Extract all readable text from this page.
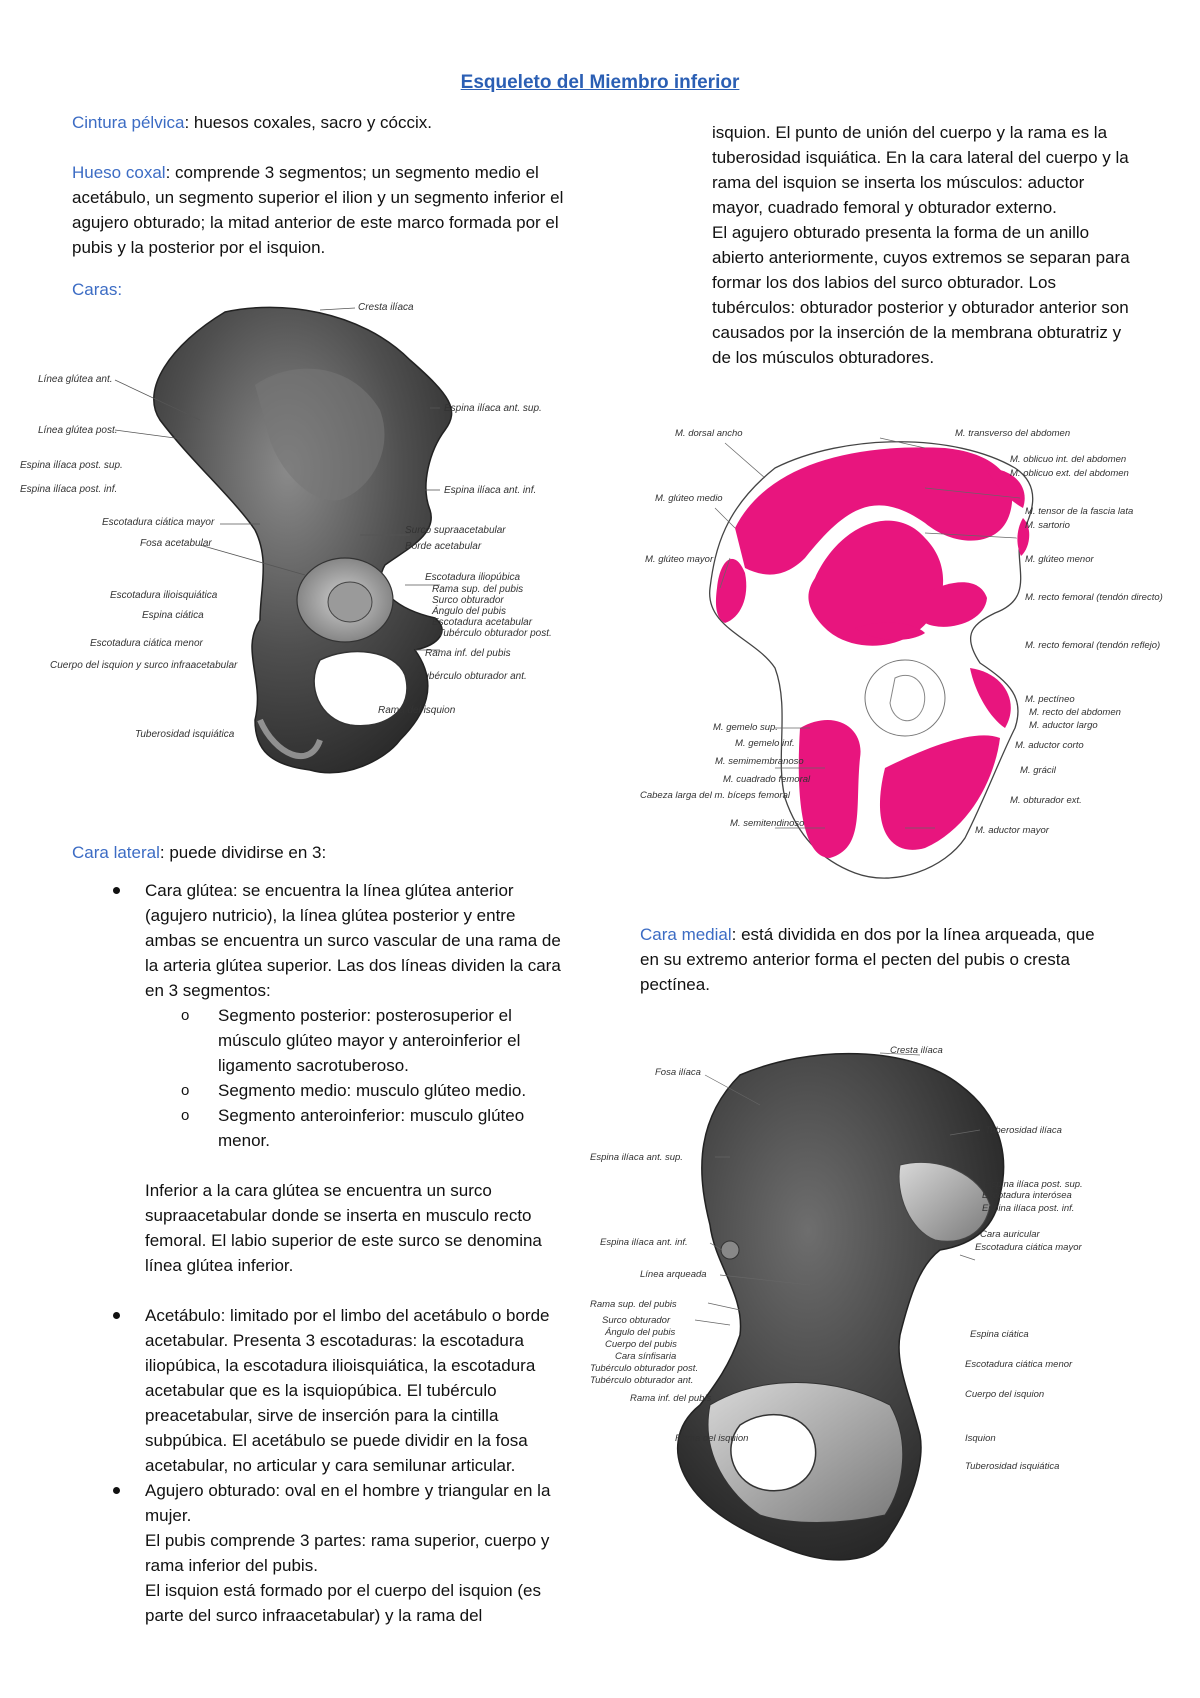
Esqueleto del Miembro inferior

Cintura pélvica: huesos coxales, sacro y cóccix.

Hueso coxal: comprende 3 segmentos; un segmento medio el acetábulo, un segmento superior el ilion y un segmento inferior el agujero obturado; la mitad anterior de este marco formada por el pubis y la posterior por el isquion.

Caras:

Cresta ilíaca
Línea glútea ant.
Línea glútea post.
Espina ilíaca post. sup.
Espina ilíaca post. inf.
Escotadura ciática mayor
Fosa acetabular
Escotadura ilioisquiática
Espina ciática
Escotadura ciática menor
Cuerpo del isquion y surco infraacetabular
Tuberosidad isquiática
Espina ilíaca ant. sup.
Espina ilíaca ant. inf.
Surco supraacetabular
Borde acetabular
Escotadura iliopúbica
Rama sup. del pubis
Surco obturador
Ángulo del pubis
Escotadura acetabular
Tubérculo obturador post.
Rama inf. del pubis
Tubérculo obturador ant.
Rama del isquion

Cara lateral: puede dividirse en 3:

Cara glútea: se encuentra la línea glútea anterior (agujero nutricio), la línea glútea posterior y entre ambas se encuentra un surco vascular de una rama de la arteria glútea superior. Las dos líneas dividen la cara en 3 segmentos:
o Segmento posterior: posterosuperior el músculo glúteo mayor y anteroinferior el ligamento sacrotuberoso.
o Segmento medio: musculo glúteo medio.
o Segmento anteroinferior: musculo glúteo menor.
Inferior a la cara glútea se encuentra un surco supraacetabular donde se inserta en musculo recto femoral. El labio superior de este surco se denomina línea glútea inferior.
Acetábulo: limitado por el limbo del acetábulo o borde acetabular. Presenta 3 escotaduras: la escotadura iliopúbica, la escotadura ilioisquiática, la escotadura acetabular que es la isquiopúbica. El tubérculo preacetabular, sirve de inserción para la cintilla subpúbica. El acetábulo se puede dividir en la fosa acetabular, no articular y cara semilunar articular.
Agujero obturado: oval en el hombre y triangular en la mujer.
El pubis comprende 3 partes: rama superior, cuerpo y rama inferior del pubis.
El isquion está formado por el cuerpo del isquion (es parte del surco infraacetabular) y la rama del
isquion. El punto de unión del cuerpo y la rama es la tuberosidad isquiática. En la cara lateral del cuerpo y la rama del isquion se inserta los músculos: aductor mayor, cuadrado femoral y obturador externo.
El agujero obturado presenta la forma de un anillo abierto anteriormente, cuyos extremos se separan para formar los dos labios del surco obturador. Los tubérculos: obturador posterior y obturador anterior son causados por la inserción de la membrana obturatriz y de los músculos obturadores.
M. dorsal ancho
M. glúteo medio
M. glúteo mayor
M. gemelo sup.
M. gemelo inf.
M. semimembranoso
M. cuadrado femoral
Cabeza larga del m. bíceps femoral
M. semitendinoso
M. transverso del abdomen
M. oblicuo int. del abdomen
M. oblicuo ext. del abdomen
M. tensor de la fascia lata
M. sartorio
M. glúteo menor
M. recto femoral (tendón directo)
M. recto femoral (tendón reflejo)
M. pectíneo
M. recto del abdomen
M. aductor largo
M. aductor corto
M. grácil
M. obturador ext.
M. aductor mayor

Cara medial: está dividida en dos por la línea arqueada, que en su extremo anterior forma el pecten del pubis o cresta pectínea.

Cresta ilíaca
Fosa ilíaca
Espina ilíaca ant. sup.
Espina ilíaca ant. inf.
Línea arqueada
Rama sup. del pubis
Surco obturador
Ángulo del pubis
Cuerpo del pubis
Cara sínfisaria
Tubérculo obturador post.
Tubérculo obturador ant.
Rama inf. del pubis
Rama del isquion
Tuberosidad ilíaca
Espina ilíaca post. sup.
Escotadura interósea
Espina ilíaca post. inf.
Cara auricular
Escotadura ciática mayor
Espina ciática
Escotadura ciática menor
Cuerpo del isquion
Isquion
Tuberosidad isquiática
